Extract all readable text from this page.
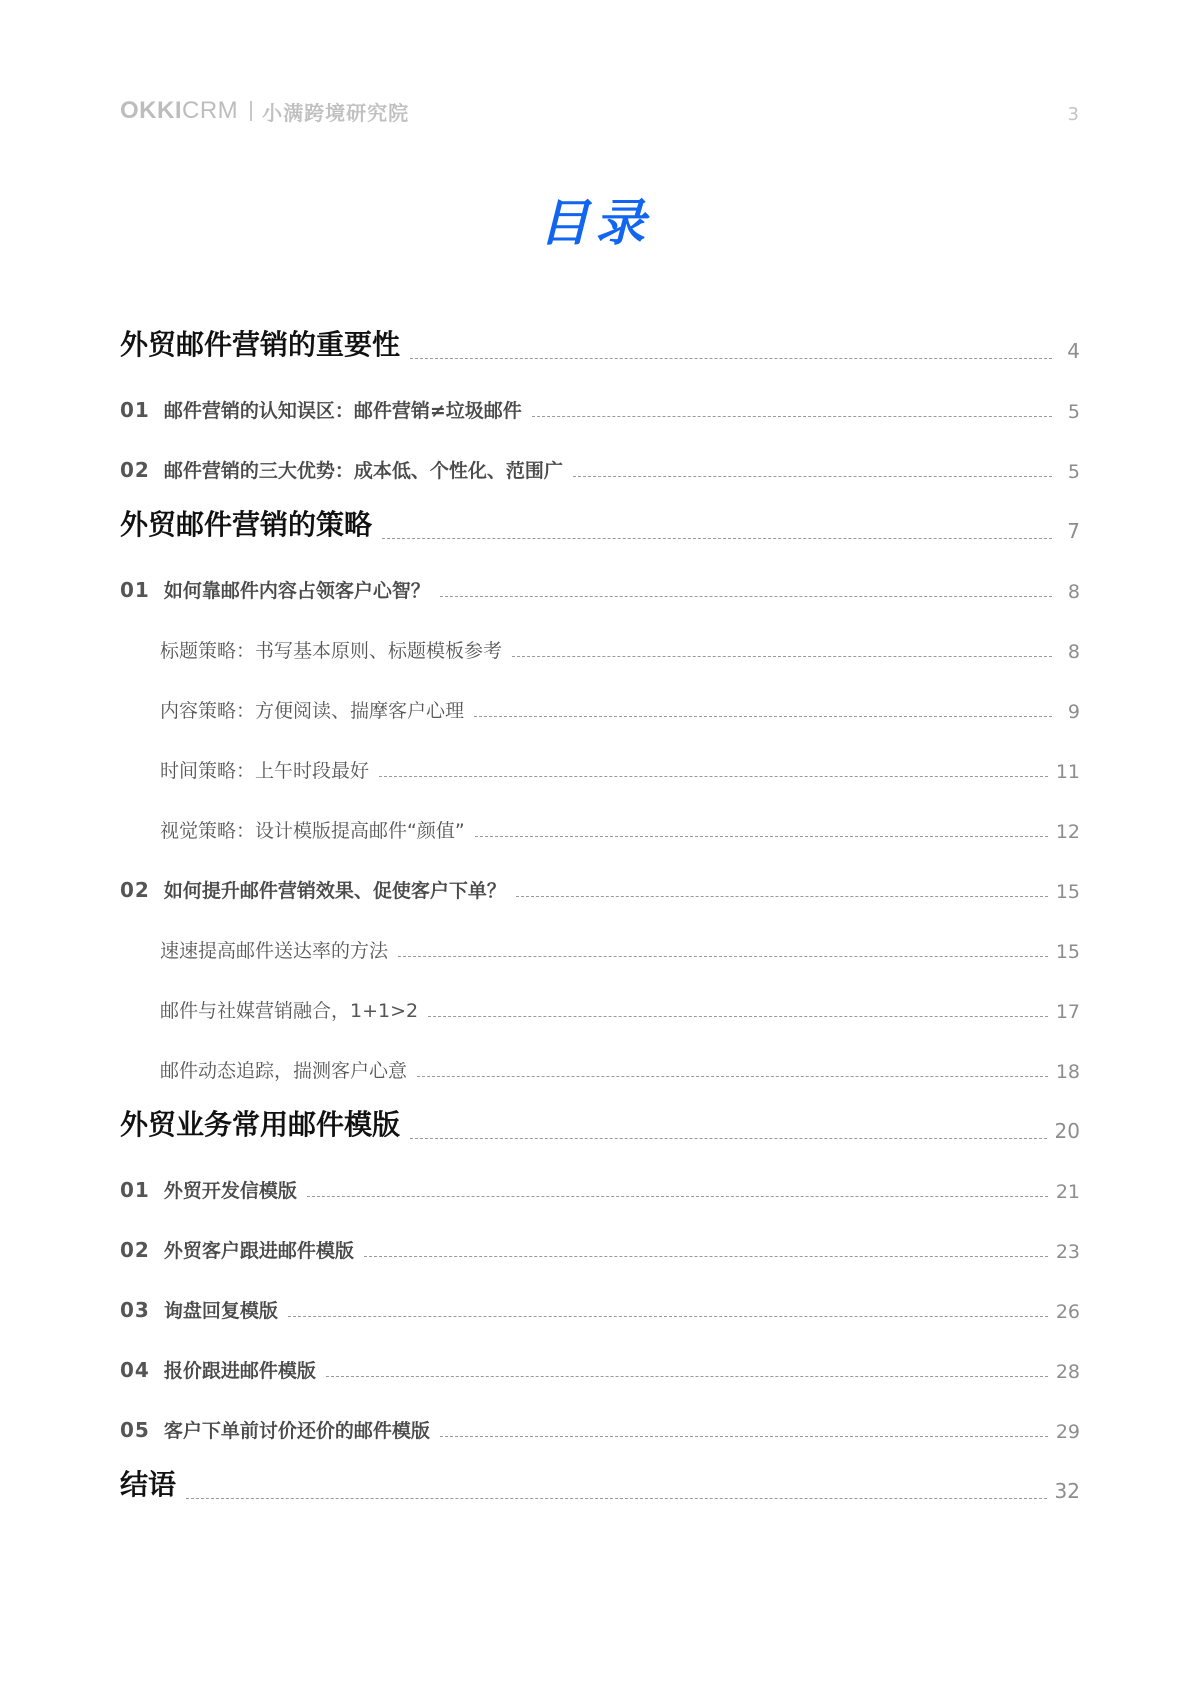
OKKI CRM 小满跨境研究院	3
目录
外贸邮件营销的重要性	4
01 邮件营销的认知误区：邮件营销≠垃圾邮件	5
02 邮件营销的三大优势：成本低、个性化、范围广	5
外贸邮件营销的策略	7
01 如何靠邮件内容占领客户心智？	8
标题策略：书写基本原则、标题模板参考	8
内容策略：方便阅读、揣摩客户心理	9
时间策略：上午时段最好	11
视觉策略：设计模版提高邮件“颜值”	12
02 如何提升邮件营销效果、促使客户下单？	15
速速提高邮件送达率的方法	15
邮件与社媒营销融合，1+1>2	17
邮件动态追踪，揣测客户心意	18
外贸业务常用邮件模版	20
01 外贸开发信模版	21
02 外贸客户跟进邮件模版	23
03 询盘回复模版	26
04 报价跟进邮件模版	28
05 客户下单前讨价还价的邮件模版	29
结语	32
